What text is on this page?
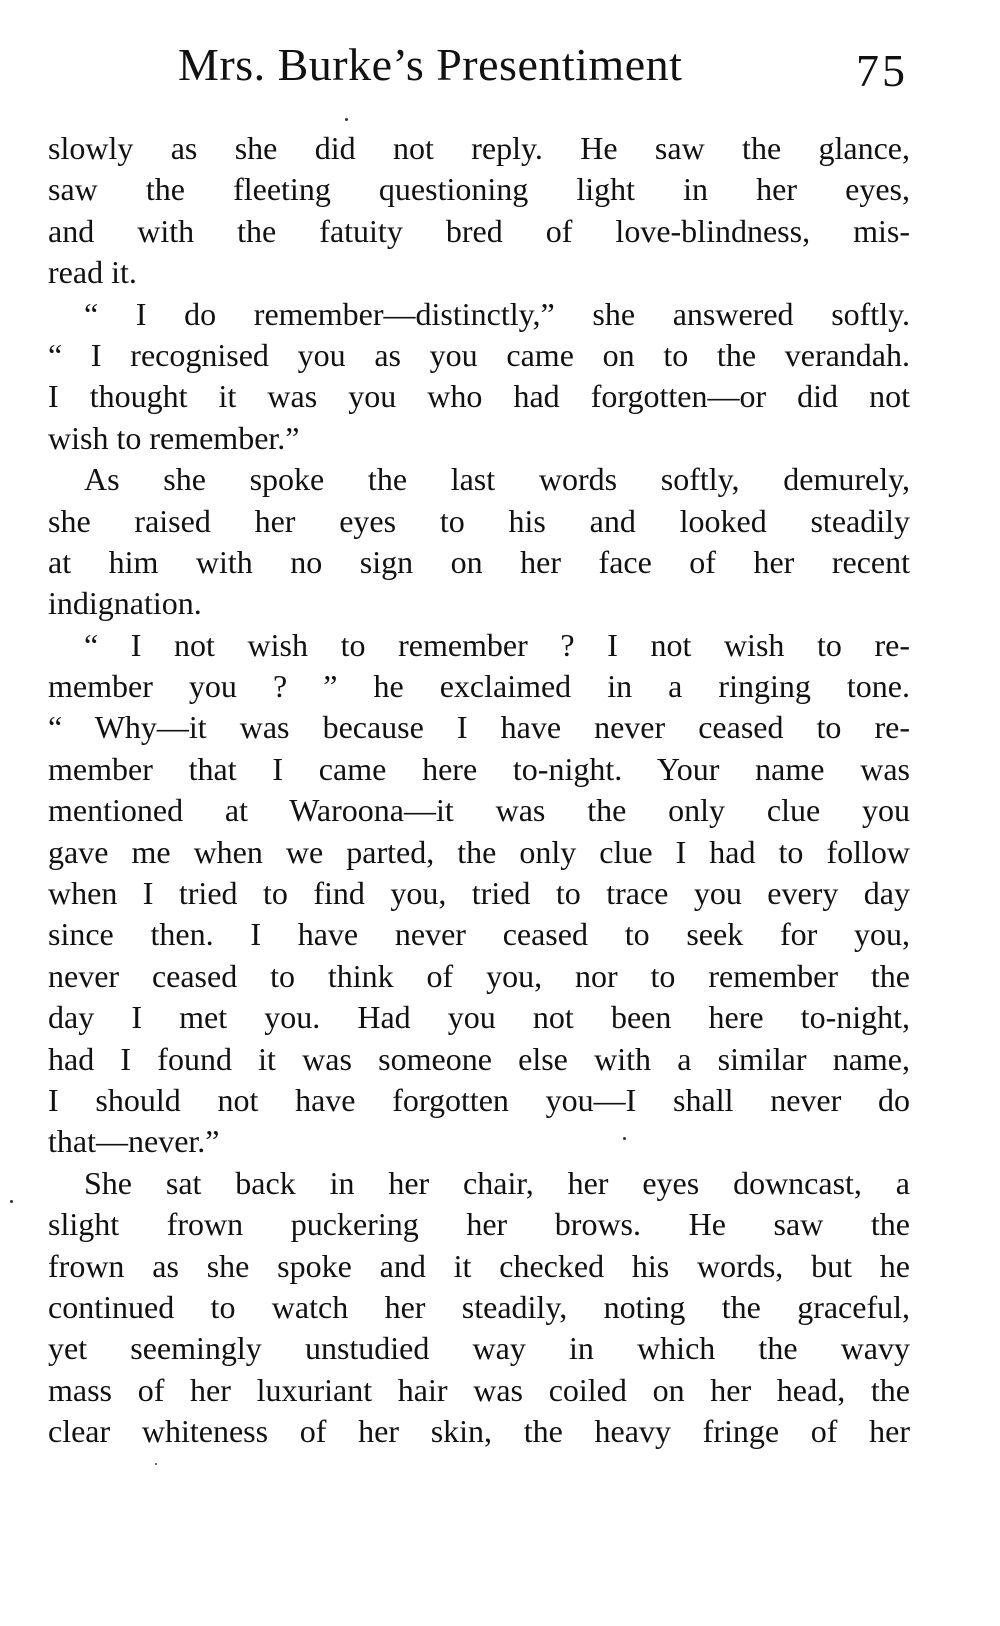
Mrs. Burke’s Presentiment	75
slowly as she did not reply. He saw the glance,
saw the fleeting questioning light in her eyes,
and with the fatuity bred of love-blindness, mis-
read it.
“ I do remember—distinctly,” she answered softly.
“ I recognised you as you came on to the verandah.
I thought it was you who had forgotten—or did not
wish to remember.”
As she spoke the last words softly, demurely,
she raised her eyes to his and looked steadily
at him with no sign on her face of her recent
indignation.
“ I not wish to remember ? I not wish to re-
member you ? ” he exclaimed in a ringing tone.
“ Why—it was because I have never ceased to re-
member that I came here to-night. Your name was
mentioned at Waroona—it was the only clue you
gave me when we parted, the only clue I had to follow
when I tried to find you, tried to trace you every day
since then. I have never ceased to seek for you,
never ceased to think of you, nor to remember the
day I met you. Had you not been here to-night,
had I found it was someone else with a similar name,
I should not have forgotten you—I shall never do
that—never.”
She sat back in her chair, her eyes downcast, a
slight frown puckering her brows. He saw the
frown as she spoke and it checked his words, but he
continued to watch her steadily, noting the graceful,
yet seemingly unstudied way in which the wavy
mass of her luxuriant hair was coiled on her head, the
clear whiteness of her skin, the heavy fringe of her
